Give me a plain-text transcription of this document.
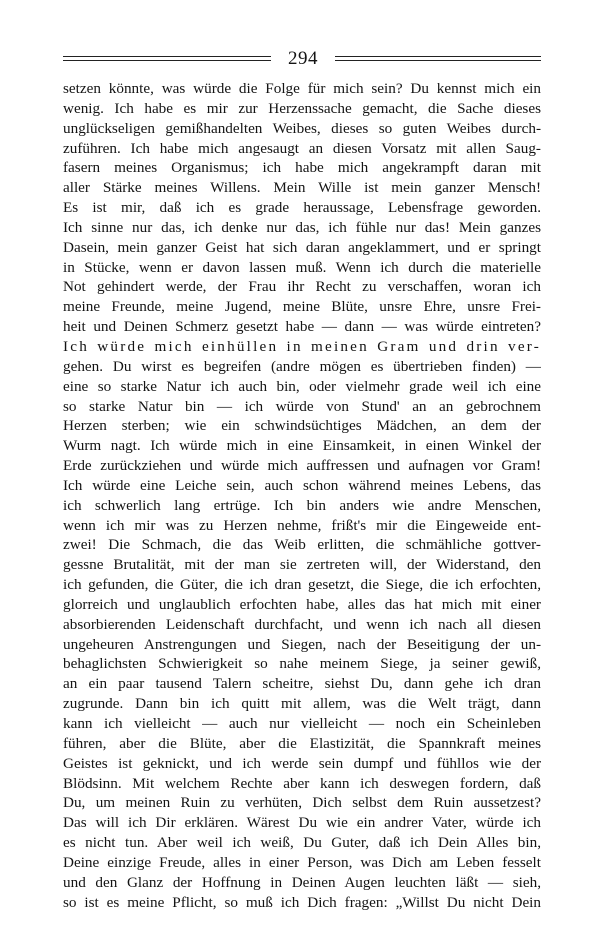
294
setzen könnte, was würde die Folge für mich sein? Du kennst mich ein
wenig. Ich habe es mir zur Herzenssache gemacht, die Sache dieses
unglückseligen gemißhandelten Weibes, dieses so guten Weibes durch-
zuführen. Ich habe mich angesaugt an diesen Vorsatz mit allen Saug-
fasern meines Organismus; ich habe mich angekrampft daran mit
aller Stärke meines Willens. Mein Wille ist mein ganzer Mensch!
Es ist mir, daß ich es grade heraussage, Lebensfrage geworden.
Ich sinne nur das, ich denke nur das, ich fühle nur das! Mein ganzes
Dasein, mein ganzer Geist hat sich daran angeklammert, und er springt
in Stücke, wenn er davon lassen muß. Wenn ich durch die materielle
Not gehindert werde, der Frau ihr Recht zu verschaffen, woran ich
meine Freunde, meine Jugend, meine Blüte, unsre Ehre, unsre Frei-
heit und Deinen Schmerz gesetzt habe — dann — was würde eintreten?
Ich würde mich einhüllen in meinen Gram und drin ver-
gehen. Du wirst es begreifen (andre mögen es übertrieben finden) —
eine so starke Natur ich auch bin, oder vielmehr grade weil ich eine
so starke Natur bin — ich würde von Stund' an an gebrochnem
Herzen sterben; wie ein schwindsüchtiges Mädchen, an dem der
Wurm nagt. Ich würde mich in eine Einsamkeit, in einen Winkel der
Erde zurückziehen und würde mich auffressen und aufnagen vor Gram!
Ich würde eine Leiche sein, auch schon während meines Lebens, das
ich schwerlich lang ertrüge. Ich bin anders wie andre Menschen,
wenn ich mir was zu Herzen nehme, frißt's mir die Eingeweide ent-
zwei! Die Schmach, die das Weib erlitten, die schmähliche gottver-
gessne Brutalität, mit der man sie zertreten will, der Widerstand, den
ich gefunden, die Güter, die ich dran gesetzt, die Siege, die ich erfochten,
glorreich und unglaublich erfochten habe, alles das hat mich mit einer
absorbierenden Leidenschaft durchfacht, und wenn ich nach all diesen
ungeheuren Anstrengungen und Siegen, nach der Beseitigung der un-
behaglichsten Schwierigkeit so nahe meinem Siege, ja seiner gewiß,
an ein paar tausend Talern scheitre, siehst Du, dann gehe ich dran
zugrunde. Dann bin ich quitt mit allem, was die Welt trägt, dann
kann ich vielleicht — auch nur vielleicht — noch ein Scheinleben
führen, aber die Blüte, aber die Elastizität, die Spannkraft meines
Geistes ist geknickt, und ich werde sein dumpf und fühllos wie der
Blödsinn. Mit welchem Rechte aber kann ich deswegen fordern, daß
Du, um meinen Ruin zu verhüten, Dich selbst dem Ruin aussetzest?
Das will ich Dir erklären. Wärest Du wie ein andrer Vater, würde ich
es nicht tun. Aber weil ich weiß, Du Guter, daß ich Dein Alles bin,
Deine einzige Freude, alles in einer Person, was Dich am Leben fesselt
und den Glanz der Hoffnung in Deinen Augen leuchten läßt — sieh,
so ist es meine Pflicht, so muß ich Dich fragen: „Willst Du nicht Dein
